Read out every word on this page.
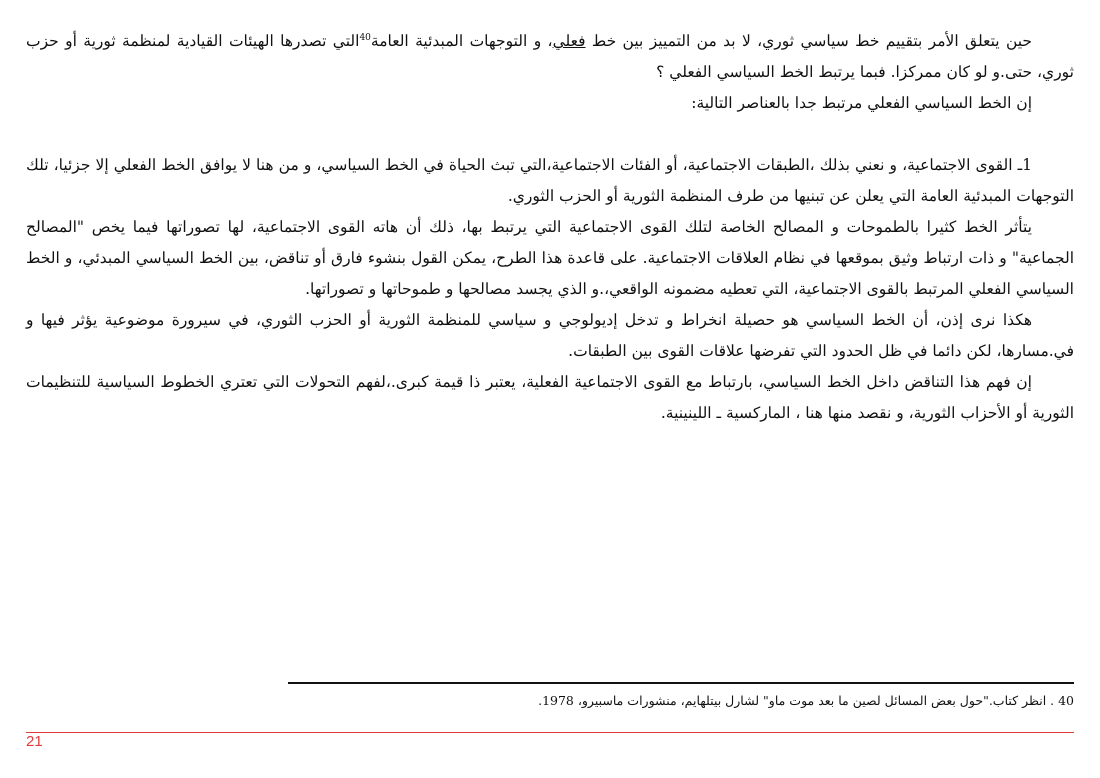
حين يتعلق الأمر بتقييم خط سياسي ثوري، لا بد من التمييز بين خط فعلي، و التوجهات المبدئية العامة$^{40}$التي تصدرها الهيئات القيادية لمنظمة ثورية أو حزب ثوري، حتى.و لو كان ممركزا. فبما يرتبط الخط السياسي الفعلي ؟

إن الخط السياسي الفعلي مرتبط جدا بالعناصر التالية:

1ـ القوى الاجتماعية، و نعني بذلك ،الطبقات الاجتماعية، أو الفئات الاجتماعية،التي تبث الحياة في الخط السياسي، و من هنا لا يوافق الخط الفعلي إلا جزئيا، تلك التوجهات المبدئية العامة التي يعلن عن تبنيها من طرف المنظمة الثورية أو الحزب الثوري.

يتأثر الخط كثيرا بالطموحات و المصالح الخاصة لتلك القوى الاجتماعية التي يرتبط بها، ذلك أن هاته القوى الاجتماعية، لها تصوراتها فيما يخص "المصالح الجماعية" و ذات ارتباط وثيق بموقعها في نظام العلاقات الاجتماعية. على قاعدة هذا الطرح، يمكن القول بنشوء فارق أو تناقض، بين الخط السياسي المبدئي، و الخط السياسي الفعلي المرتبط بالقوى الاجتماعية، التي تعطيه مضمونه الواقعي،.و الذي يجسد مصالحها و طموحاتها و تصوراتها.

هكذا نرى إذن، أن الخط السياسي هو حصيلة انخراط و تدخل إديولوجي و سياسي للمنظمة الثورية أو الحزب الثوري، في سيرورة موضوعية يؤثر فيها و في.مسارها، لكن دائما في ظل الحدود التي تفرضها علاقات القوى بين الطبقات.

إن فهم هذا التناقض داخل الخط السياسي، بارتباط مع القوى الاجتماعية الفعلية، يعتبر ذا قيمة كبرى.،لفهم التحولات التي تعتري الخطوط السياسية للتنظيمات الثورية أو الأحزاب الثورية، و نقصد منها هنا ، الماركسية ـ اللينينية.

40 . انظر كتاب."حول بعض المسائل لصين ما بعد موت ماو" لشارل بيتلهايم، منشورات ماسبيرو، 1978.
21
